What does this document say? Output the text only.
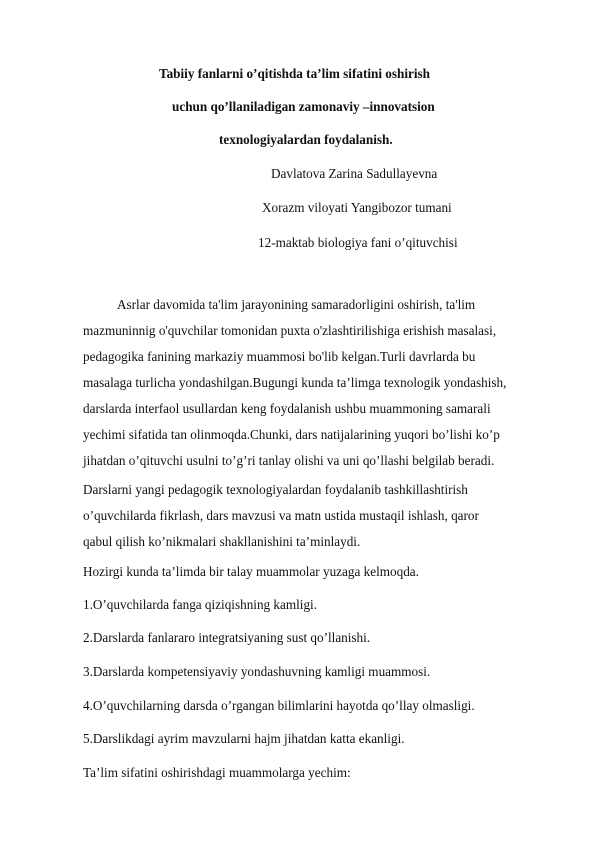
Tabiiy fanlarni o’qitishda ta’lim sifatini oshirish
uchun qo’llaniladigan zamonaviy –innovatsion
texnologiyalardan foydalanish.
Davlatova Zarina Sadullayevna
Xorazm viloyati Yangibozor tumani
12-maktab biologiya fani o’qituvchisi
Asrlar davomida ta'lim jarayonining samaradorligini oshirish, ta'lim
mazmuninnig o'quvchilar tomonidan puxta o'zlashtirilishiga erishish masalasi,
pedagogika fanining markaziy muammosi bo'lib kelgan.Turli davrlarda bu
masalaga turlicha yondashilgan.Bugungi kunda ta’limga texnologik yondashish,
darslarda interfaol usullardan keng foydalanish ushbu muammoning samarali
yechimi sifatida tan olinmoqda.Chunki, dars natijalarining yuqori bo’lishi ko’p
jihatdan o’qituvchi usulni to’g’ri tanlay olishi va uni qo’llashi belgilab beradi.
Darslarni yangi pedagogik texnologiyalardan foydalanib tashkillashtirish
o’quvchilarda fikrlash, dars mavzusi va matn ustida mustaqil ishlash, qaror
qabul qilish ko’nikmalari shakllanishini ta’minlaydi.
Hozirgi kunda ta’limda bir talay muammolar yuzaga kelmoqda.
1.O’quvchilarda fanga qiziqishning kamligi.
2.Darslarda fanlararo integratsiyaning sust qo’llanishi.
3.Darslarda kompetensiyaviy yondashuvning kamligi muammosi.
4.O’quvchilarning darsda o’rgangan bilimlarini hayotda qo’llay olmasligi.
5.Darslikdagi ayrim mavzularni hajm jihatdan katta ekanligi.
Ta’lim sifatini oshirishdagi muammolarga yechim:
